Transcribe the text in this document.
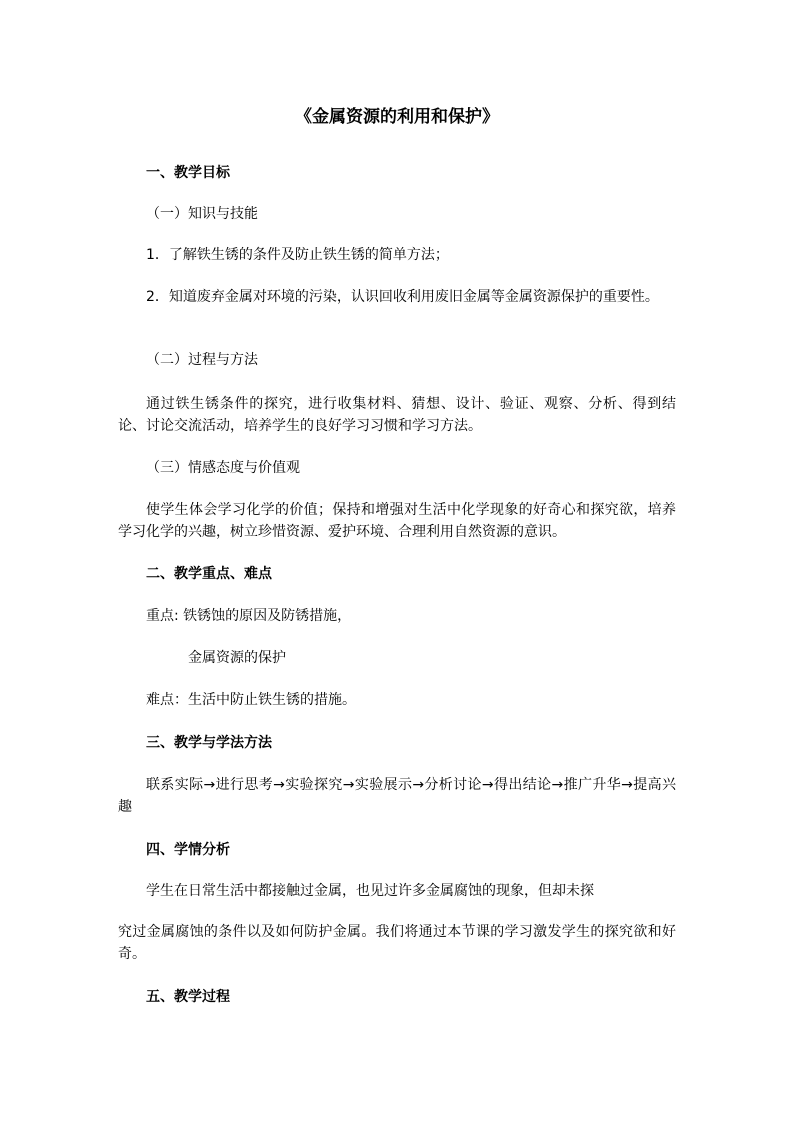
《金属资源的利用和保护》
一、教学目标
（一）知识与技能
1．了解铁生锈的条件及防止铁生锈的简单方法；
2．知道废弃金属对环境的污染，认识回收利用废旧金属等金属资源保护的重要性。
（二）过程与方法
通过铁生锈条件的探究，进行收集材料、猜想、设计、验证、观察、分析、得到结论、讨论交流活动，培养学生的良好学习习惯和学习方法。
（三）情感态度与价值观
使学生体会学习化学的价值；保持和增强对生活中化学现象的好奇心和探究欲，培养学习化学的兴趣，树立珍惜资源、爱护环境、合理利用自然资源的意识。
二、教学重点、难点
重点: 铁锈蚀的原因及防锈措施，
金属资源的保护
难点：生活中防止铁生锈的措施。
三、教学与学法方法
联系实际→进行思考→实验探究→实验展示→分析讨论→得出结论→推广升华→提高兴趣
四、学情分析
学生在日常生活中都接触过金属，也见过许多金属腐蚀的现象，但却未探
究过金属腐蚀的条件以及如何防护金属。我们将通过本节课的学习激发学生的探究欲和好奇。
五、教学过程
